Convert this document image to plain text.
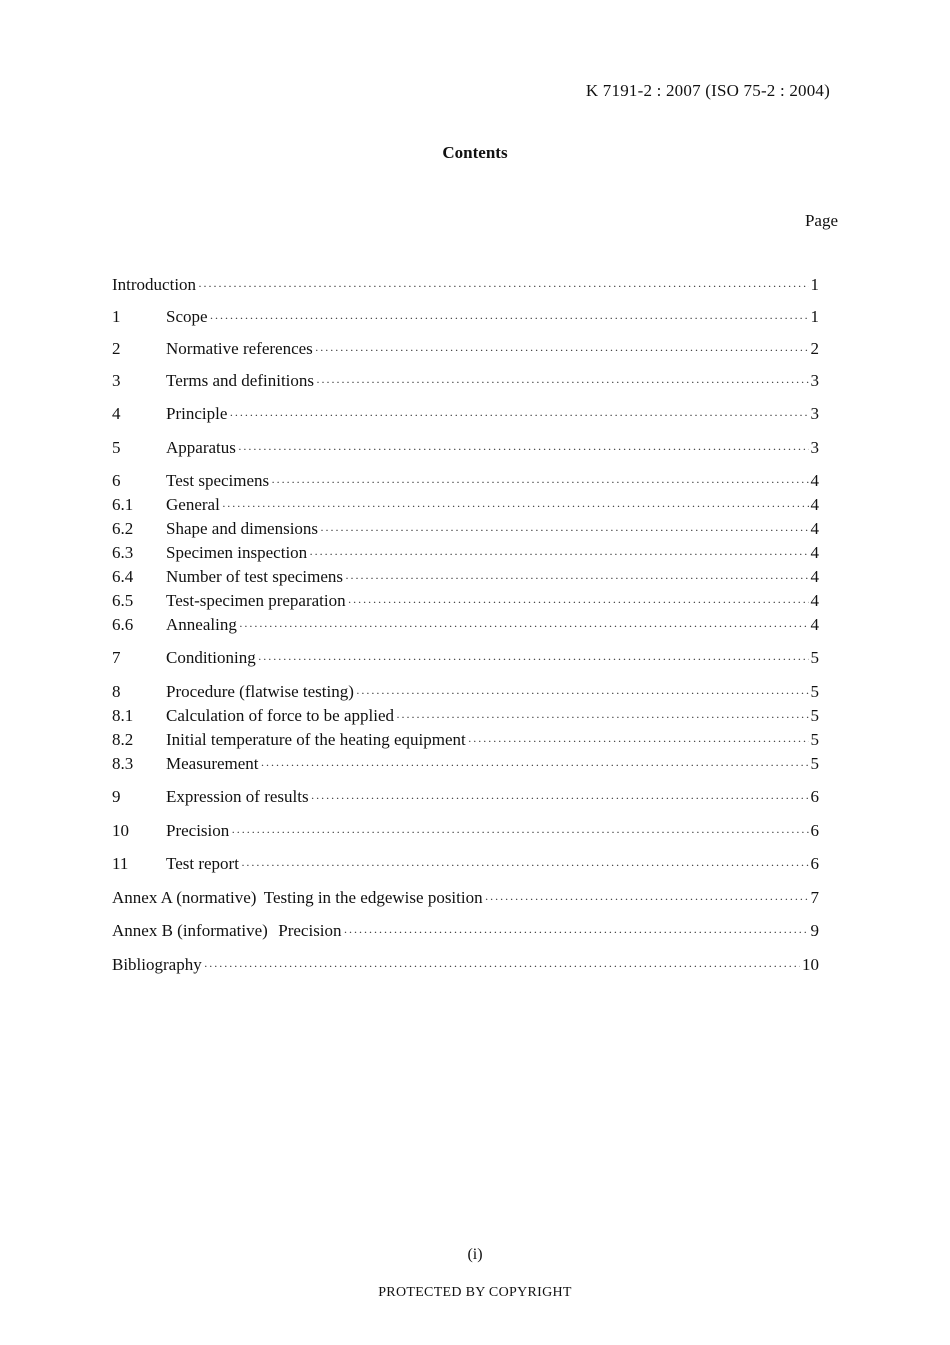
K 7191-2 : 2007 (ISO 75-2 : 2004)
Contents
Page
Introduction ·····	1
1	Scope ·····	1
2	Normative references ·····	2
3	Terms and definitions ·····	3
4	Principle ·····	3
5	Apparatus ·····	3
6	Test specimens ·····	4
6.1	General ·····	4
6.2	Shape and dimensions ·····	4
6.3	Specimen inspection ·····	4
6.4	Number of test specimens ·····	4
6.5	Test-specimen preparation ·····	4
6.6	Annealing ·····	4
7	Conditioning ·····	5
8	Procedure (flatwise testing) ·····	5
8.1	Calculation of force to be applied ·····	5
8.2	Initial temperature of the heating equipment ·····	5
8.3	Measurement ·····	5
9	Expression of results ·····	6
10	Precision ·····	6
11	Test report ·····	6
Annex A (normative) Testing in the edgewise position ·····	7
Annex B (informative) Precision ·····	9
Bibliography ·····	10
(i)
PROTECTED BY COPYRIGHT
